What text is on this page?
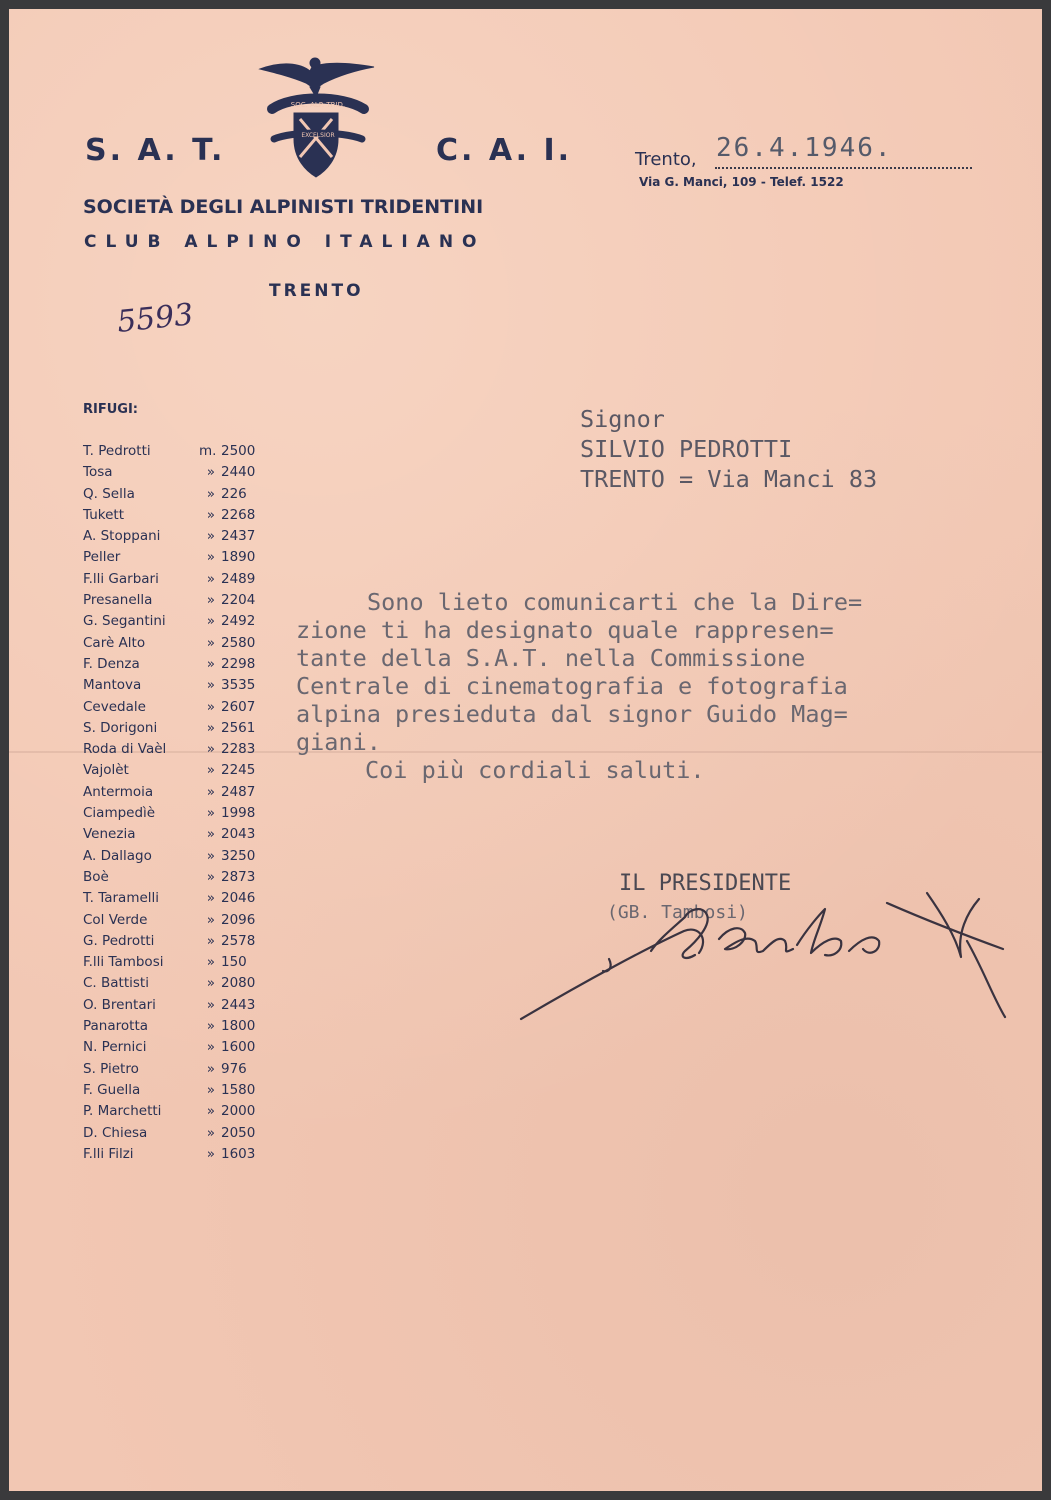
SOC. ALP. TRID.
EXCELSIOR
S. A. T.	C. A. I.
SOCIETÀ DEGLI ALPINISTI TRIDENTINI
CLUB ALPINO ITALIANO
TRENTO
5593
Trento, 26.4.1946.
Via G. Manci, 109 - Telef. 1522
RIFUGI:
T. Pedrotti	m. 2500
Tosa	» 2440
Q. Sella	» 226
Tukett	» 2268
A. Stoppani	» 2437
Peller	» 1890
F.lli Garbari	» 2489
Presanella	» 2204
G. Segantini	» 2492
Carè Alto	» 2580
F. Denza	» 2298
Mantova	» 3535
Cevedale	» 2607
S. Dorigoni	» 2561
Roda di Vaèl	» 2283
Vajolèt	» 2245
Antermoia	» 2487
Ciampedìè	» 1998
Venezia	» 2043
A. Dallago	» 3250
Boè	» 2873
T. Taramelli	» 2046
Col Verde	» 2096
G. Pedrotti	» 2578
F.lli Tambosi	» 150
C. Battisti	» 2080
O. Brentari	» 2443
Panarotta	» 1800
N. Pernici	» 1600
S. Pietro	» 976
F. Guella	» 1580
P. Marchetti	» 2000
D. Chiesa	» 2050
F.lli Filzi	» 1603
Signor
SILVIO PEDROTTI
TRENTO = Via Manci 83
Sono lieto comunicarti che la Dire=
zione ti ha designato quale rappresen=
tante della S.A.T. nella Commissione
Centrale di cinematografia e fotografia
alpina presieduta dal signor Guido Mag=
giani.
Coi più cordiali saluti.
IL PRESIDENTE
(GB. Tambosi)
